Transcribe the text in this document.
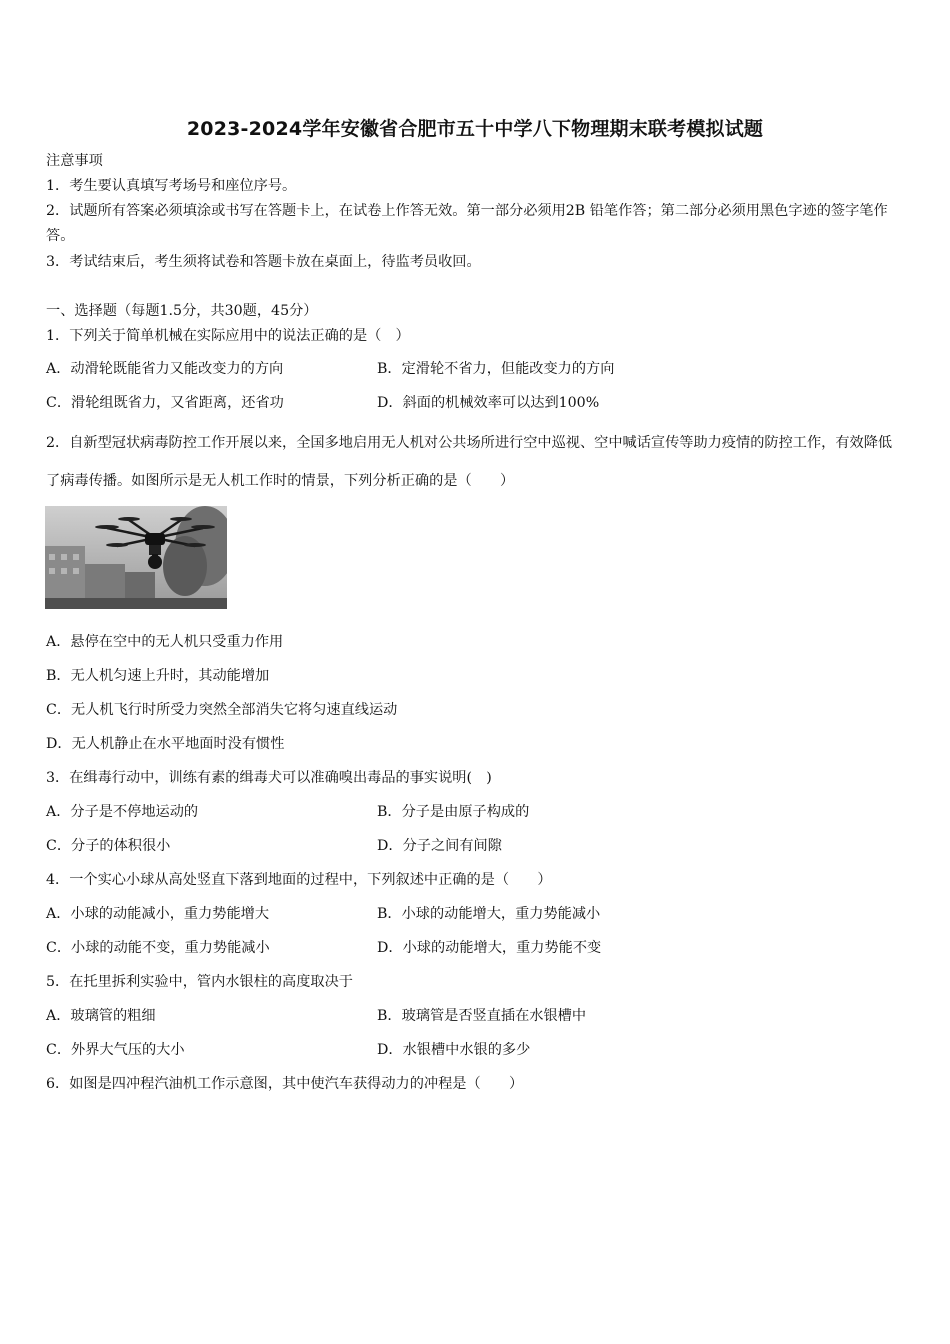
2023-2024学年安徽省合肥市五十中学八下物理期末联考模拟试题
注意事项
1．考生要认真填写考场号和座位序号。
2．试题所有答案必须填涂或书写在答题卡上，在试卷上作答无效。第一部分必须用2B 铅笔作答；第二部分必须用黑色字迹的签字笔作答。
3．考试结束后，考生须将试卷和答题卡放在桌面上，待监考员收回。
一、选择题（每题1.5分，共30题，45分）
1．下列关于简单机械在实际应用中的说法正确的是（　）
A．动滑轮既能省力又能改变力的方向	B．定滑轮不省力，但能改变力的方向
C．滑轮组既省力，又省距离，还省功	D．斜面的机械效率可以达到100%
2．自新型冠状病毒防控工作开展以来，全国多地启用无人机对公共场所进行空中巡视、空中喊话宣传等助力疫情的防控工作，有效降低了病毒传播。如图所示是无人机工作时的情景，下列分析正确的是（　　）
A．悬停在空中的无人机只受重力作用
B．无人机匀速上升时，其动能增加
C．无人机飞行时所受力突然全部消失它将匀速直线运动
D．无人机静止在水平地面时没有惯性
3．在缉毒行动中，训练有素的缉毒犬可以准确嗅出毒品的事实说明(　)
A．分子是不停地运动的	B．分子是由原子构成的
C．分子的体积很小	D．分子之间有间隙
4．一个实心小球从高处竖直下落到地面的过程中，下列叙述中正确的是（　　）
A．小球的动能减小，重力势能增大	B．小球的动能增大，重力势能减小
C．小球的动能不变，重力势能减小	D．小球的动能增大，重力势能不变
5．在托里拆利实验中，管内水银柱的高度取决于
A．玻璃管的粗细	B．玻璃管是否竖直插在水银槽中
C．外界大气压的大小	D．水银槽中水银的多少
6．如图是四冲程汽油机工作示意图，其中使汽车获得动力的冲程是（　　）
